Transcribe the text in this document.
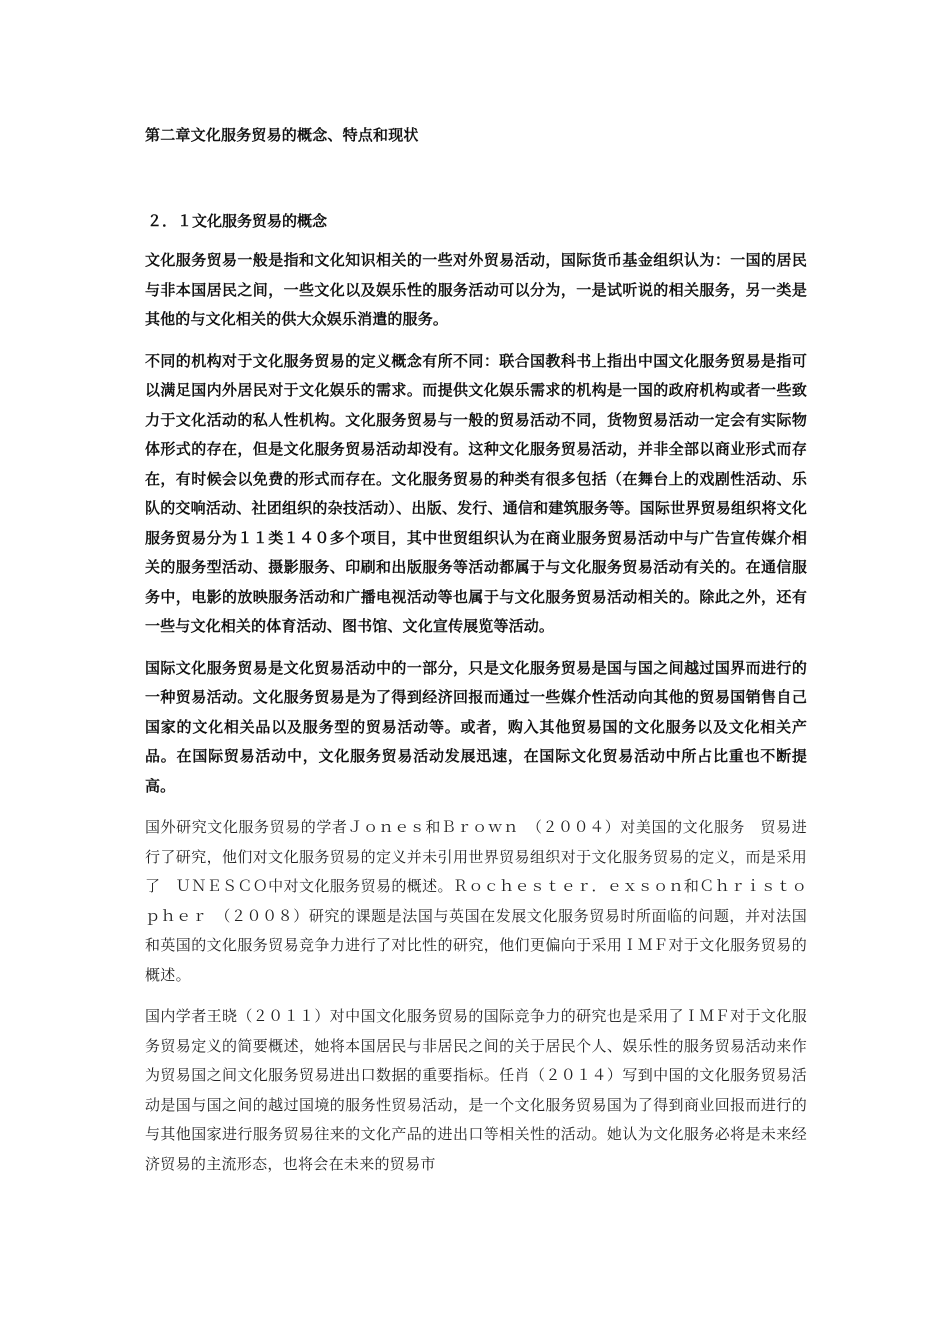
第二章文化服务贸易的概念、特点和现状
２．１文化服务贸易的概念

文化服务贸易一般是指和文化知识相关的一些对外贸易活动，国际货币基金组织认为：一国的居民与非本国居民之间，一些文化以及娱乐性的服务活动可以分为，一是试听说的相关服务，另一类是其他的与文化相关的供大众娱乐消遣的服务。

不同的机构对于文化服务贸易的定义概念有所不同：联合国教科书上指出中国文化服务贸易是指可以满足国内外居民对于文化娱乐的需求。而提供文化娱乐需求的机构是一国的政府机构或者一些致力于文化活动的私人性机构。文化服务贸易与一般的贸易活动不同，货物贸易活动一定会有实际物体形式的存在，但是文化服务贸易活动却没有。这种文化服务贸易活动，并非全部以商业形式而存在，有时候会以免费的形式而存在。文化服务贸易的种类有很多包括（在舞台上的戏剧性活动、乐队的交响活动、社团组织的杂技活动）、出版、发行、通信和建筑服务等。国际世界贸易组织将文化服务贸易分为１１类１４０多个项目，其中世贸组织认为在商业服务贸易活动中与广告宣传媒介相关的服务型活动、摄影服务、印刷和出版服务等活动都属于与文化服务贸易活动有关的。在通信服务中，电影的放映服务活动和广播电视活动等也属于与文化服务贸易活动相关的。除此之外，还有一些与文化相关的体育活动、图书馆、文化宣传展览等活动。

国际文化服务贸易是文化贸易活动中的一部分，只是文化服务贸易是国与国之间越过国界而进行的一种贸易活动。文化服务贸易是为了得到经济回报而通过一些媒介性活动向其他的贸易国销售自己国家的文化相关品以及服务型的贸易活动等。或者，购入其他贸易国的文化服务以及文化相关产品。在国际贸易活动中，文化服务贸易活动发展迅速，在国际文化贸易活动中所占比重也不断提高。

国外研究文化服务贸易的学者Ｊｏｎｅｓ和Ｂｒｏｗｎ　（２００４）对美国的文化服务　贸易进行了研究，他们对文化服务贸易的定义并未引用世界贸易组织对于文化服务贸易的定义，而是采用了　ＵＮＥＳＣＯ中对文化服务贸易的概述。Ｒｏｃｈｅｓｔｅｒ．ｅｘｓｏｎ和Ｃｈｒｉｓｔｏｐｈｅｒ　（２００８）研究的课题是法国与英国在发展文化服务贸易时所面临的问题，并对法国和英国的文化服务贸易竞争力进行了对比性的研究，他们更偏向于采用ＩＭＦ对于文化服务贸易的概述。

国内学者王晓（２０１１）对中国文化服务贸易的国际竞争力的研究也是采用了ＩＭＦ对于文化服务贸易定义的简要概述，她将本国居民与非居民之间的关于居民个人、娱乐性的服务贸易活动来作为贸易国之间文化服务贸易进出口数据的重要指标。任肖（２０１４）写到中国的文化服务贸易活动是国与国之间的越过国境的服务性贸易活动，是一个文化服务贸易国为了得到商业回报而进行的与其他国家进行服务贸易往来的文化产品的进出口等相关性的活动。她认为文化服务必将是未来经济贸易的主流形态，也将会在未来的贸易市
